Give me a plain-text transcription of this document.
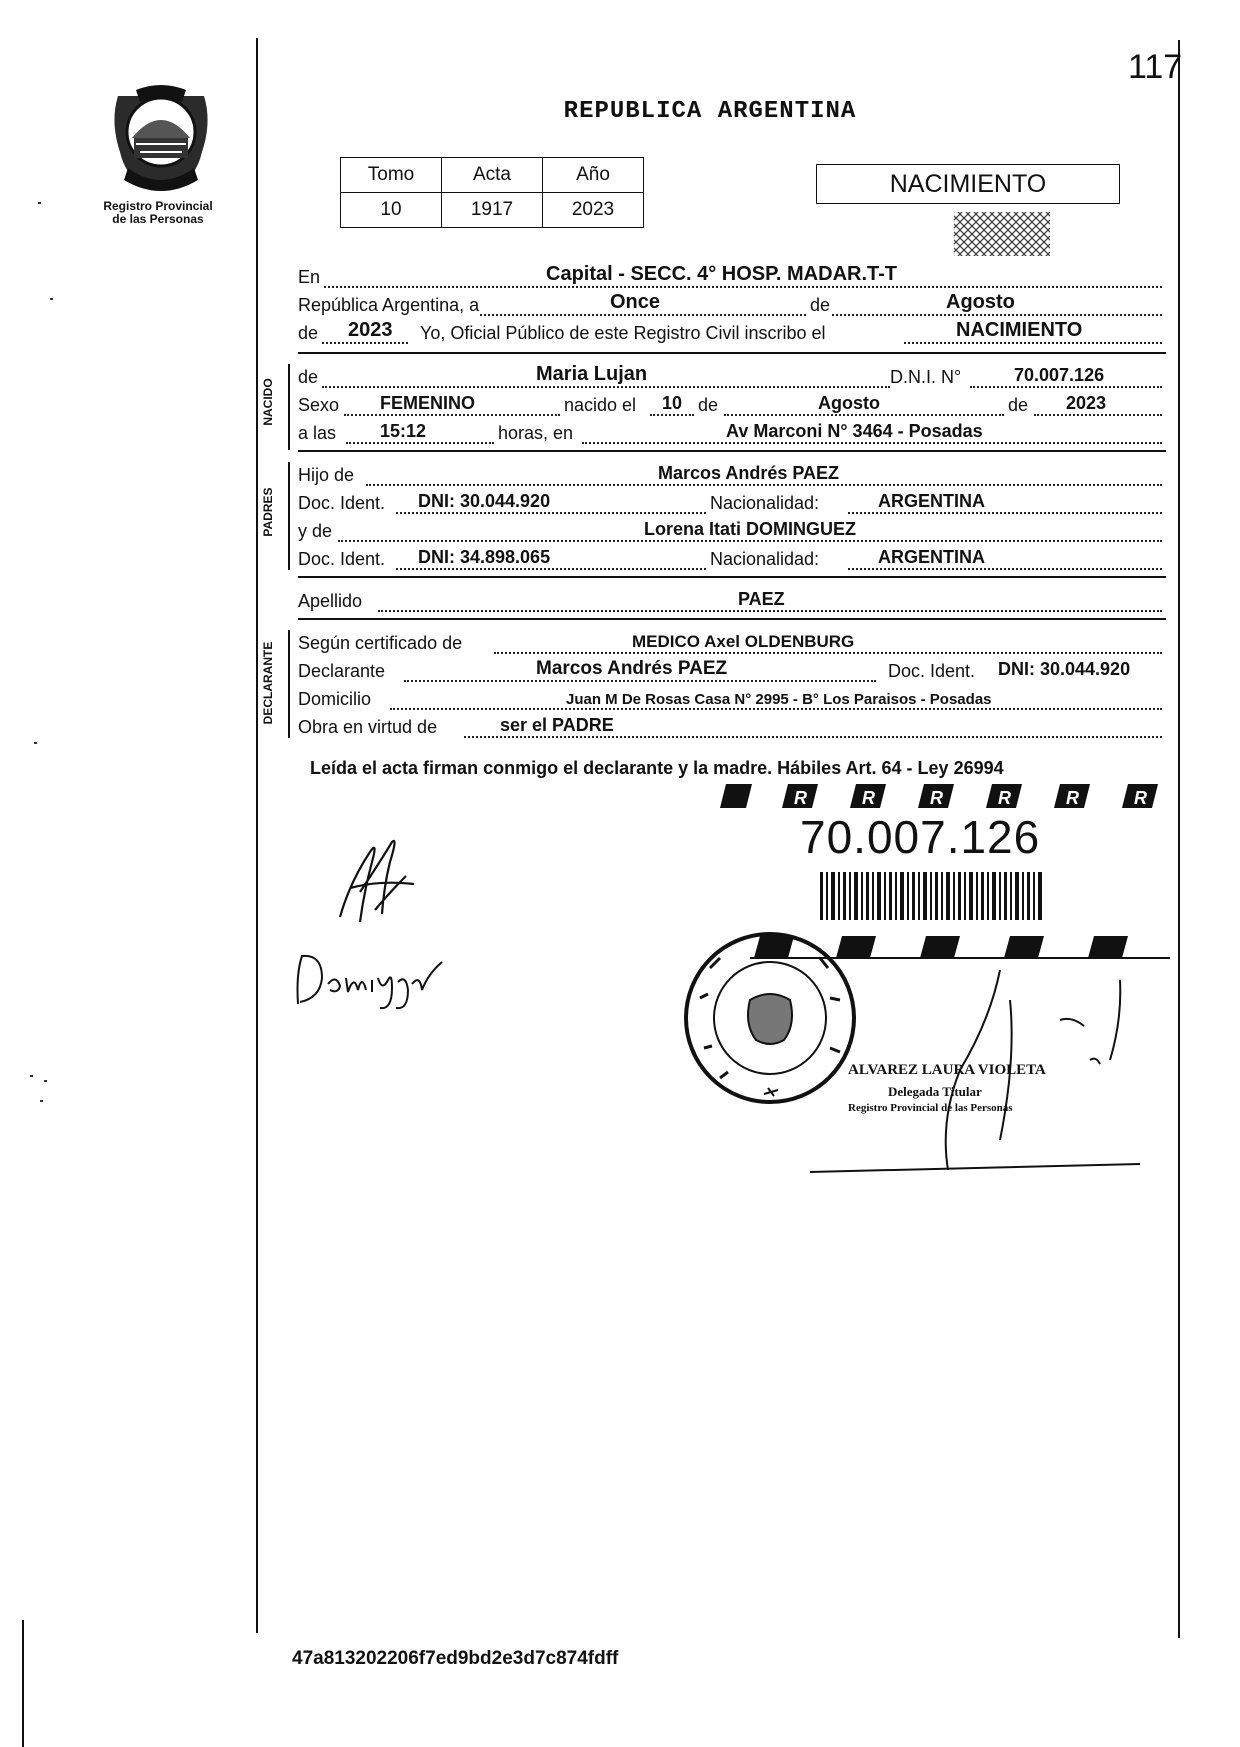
Registro Provincial
de las Personas
117
REPUBLICA ARGENTINA
Tomo	Acta	Año
10	1917	2023
NACIMIENTO
En	Capital - SECC. 4° HOSP. MADAR.T-T
República Argentina, a	Once	de	Agosto
de 2023 Yo, Oficial Público de este Registro Civil inscribo el	NACIMIENTO
NACIDO
de	Maria Lujan	D.N.I. N°	70.007.126
Sexo FEMENINO	nacido el 10 de	Agosto	de 2023
a las 15:12	horas, en	Av Marconi N° 3464 - Posadas
PADRES
Hijo de	Marcos Andrés PAEZ
Doc. Ident. DNI: 30.044.920	Nacionalidad:	ARGENTINA
y de	Lorena Itati DOMINGUEZ
Doc. Ident. DNI: 34.898.065	Nacionalidad:	ARGENTINA
Apellido	PAEZ
DECLARANTE Según certificado de	MEDICO Axel OLDENBURG
Declarante	Marcos Andrés PAEZ	Doc. Ident. DNI: 30.044.920
Domicilio	Juan M De Rosas Casa N° 2995 - B° Los Paraisos - Posadas
Obra en virtud de	ser el PADRE
Leída el acta firman conmigo el declarante y la madre. Hábiles Art. 64 - Ley 26994
R	R	R	R	R	R
70.007.126
ALVAREZ LAURA VIOLETA
Delegada Titular
Registro Provincial de las Personas
47a813202206f7ed9bd2e3d7c874fdff
